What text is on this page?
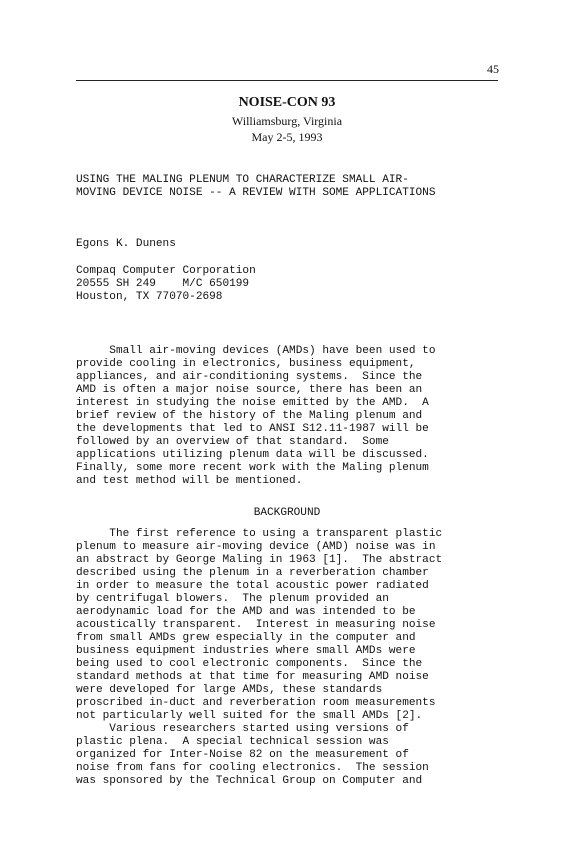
45
NOISE-CON 93
Williamsburg, Virginia
May 2-5, 1993
USING THE MALING PLENUM TO CHARACTERIZE SMALL AIR-
MOVING DEVICE NOISE -- A REVIEW WITH SOME APPLICATIONS
Egons K. Dunens
Compaq Computer Corporation
20555 SH 249    M/C 650199
Houston, TX 77070-2698
Small air-moving devices (AMDs) have been used to
provide cooling in electronics, business equipment,
appliances, and air-conditioning systems.  Since the
AMD is often a major noise source, there has been an
interest in studying the noise emitted by the AMD.  A
brief review of the history of the Maling plenum and
the developments that led to ANSI S12.11-1987 will be
followed by an overview of that standard.  Some
applications utilizing plenum data will be discussed.
Finally, some more recent work with the Maling plenum
and test method will be mentioned.
BACKGROUND
The first reference to using a transparent plastic
plenum to measure air-moving device (AMD) noise was in
an abstract by George Maling in 1963 [1].  The abstract
described using the plenum in a reverberation chamber
in order to measure the total acoustic power radiated
by centrifugal blowers.  The plenum provided an
aerodynamic load for the AMD and was intended to be
acoustically transparent.  Interest in measuring noise
from small AMDs grew especially in the computer and
business equipment industries where small AMDs were
being used to cool electronic components.  Since the
standard methods at that time for measuring AMD noise
were developed for large AMDs, these standards
proscribed in-duct and reverberation room measurements
not particularly well suited for the small AMDs [2].
Various researchers started using versions of
plastic plena.  A special technical session was
organized for Inter-Noise 82 on the measurement of
noise from fans for cooling electronics.  The session
was sponsored by the Technical Group on Computer and
